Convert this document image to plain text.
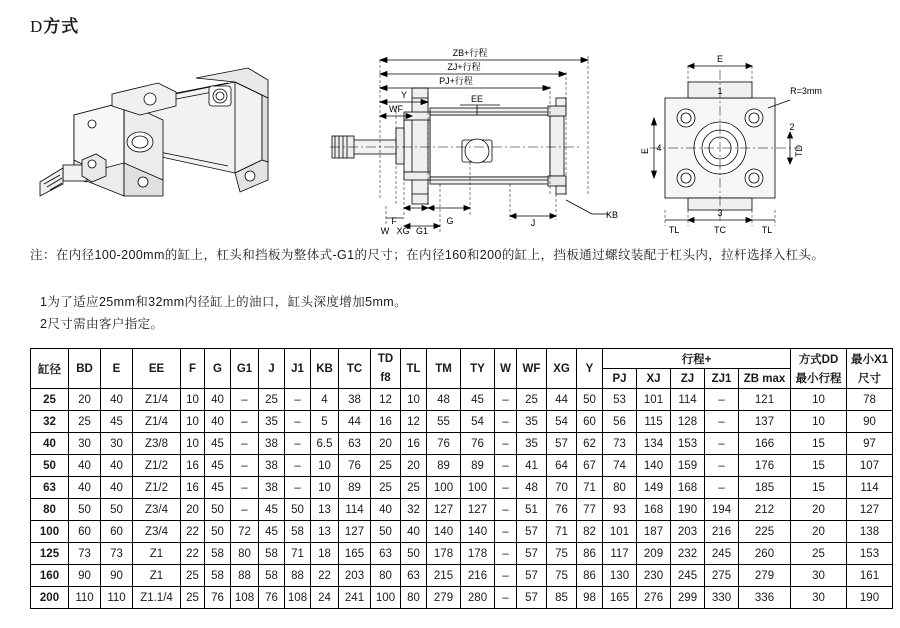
D方式
ZB+行程
ZJ+行程
PJ+行程
Y
WF
EE
F	G
G1
W XG
J
KB
E
1	R=3mm
E 4
2
TD
3
TL	TC	TL
注：在内径100-200mm的缸上，杠头和挡板为整体式-G1的尺寸；在内径160和200的缸上，挡板通过螺纹装配于杠头内，拉杆选择入杠头。
1为了适应25mm和32mm内径缸上的油口，缸头深度增加5mm。
2尺寸需由客户指定。
缸径	BD	E	EE	F	G	G1	J	J1	KB	TC	TD	TL	TM	TY	W	WF	XG	Y	行程+					方式DD	最小X1
											f8								PJ	XJ	ZJ	ZJ1	ZB max	最小行程	尺寸
25	20	40	Z1/4	10	40	–	25	–	4	38	12	10	48	45	–	25	44	50	53	101	114	–	121	10	78
32	25	45	Z1/4	10	40	–	35	–	5	44	16	12	55	54	–	35	54	60	56	115	128	–	137	10	90
40	30	30	Z3/8	10	45	–	38	–	6.5	63	20	16	76	76	–	35	57	62	73	134	153	–	166	15	97
50	40	40	Z1/2	16	45	–	38	–	10	76	25	20	89	89	–	41	64	67	74	140	159	–	176	15	107
63	40	40	Z1/2	16	45	–	38	–	10	89	25	25	100	100	–	48	70	71	80	149	168	–	185	15	114
80	50	50	Z3/4	20	50	–	45	50	13	114	40	32	127	127	–	51	76	77	93	168	190	194	212	20	127
100	60	60	Z3/4	22	50	72	45	58	13	127	50	40	140	140	–	57	71	82	101	187	203	216	225	20	138
125	73	73	Z1	22	58	80	58	71	18	165	63	50	178	178	–	57	75	86	117	209	232	245	260	25	153
160	90	90	Z1	25	58	88	58	88	22	203	80	63	215	216	–	57	75	86	130	230	245	275	279	30	161
200	110	110	Z1.1/4	25	76	108	76	108	24	241	100	80	279	280	–	57	85	98	165	276	299	330	336	30	190
